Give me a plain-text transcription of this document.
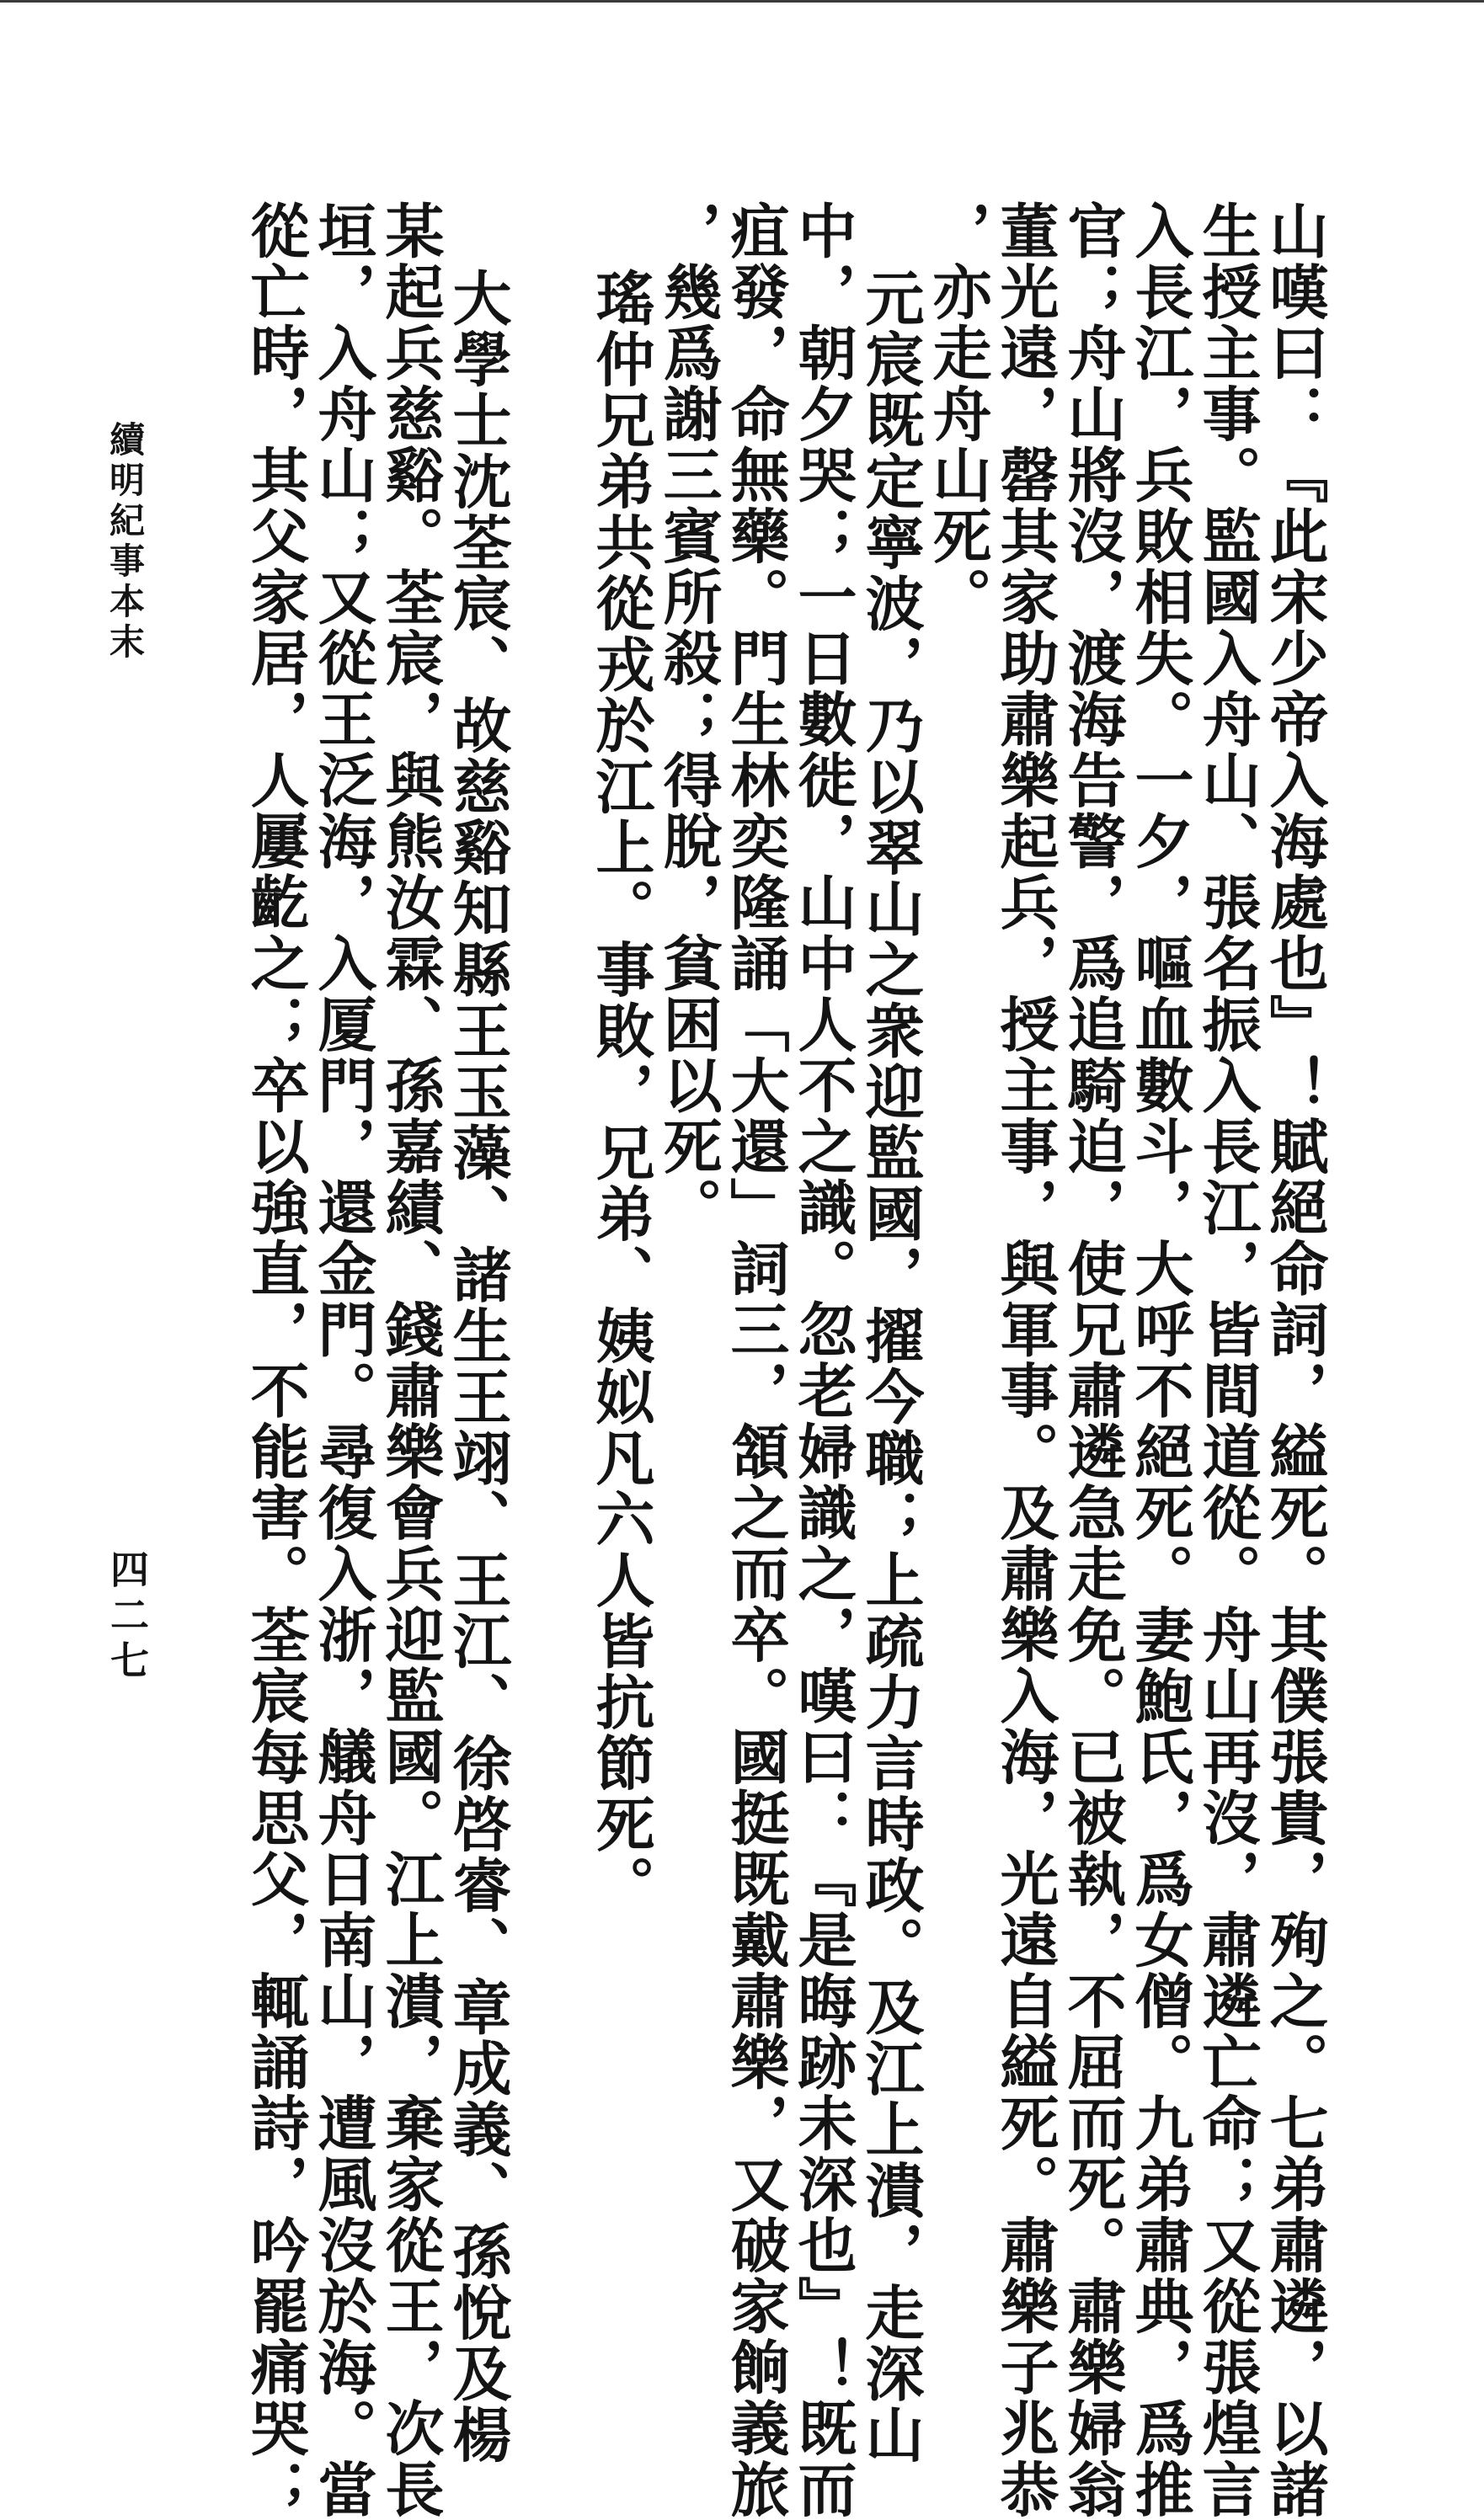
續明紀事本末
四二七	山嘆曰：『此宋少帝入海處也』！賦絕命詞，縊死。其僕張貴，殉之。七弟肅遴，以諸
生授主事。監國入舟山、張名振入長江，皆間道從。舟山再沒，肅遴亡命；又從張煌言
入長江，兵敗相失。一夕，嘔血數斗，大呼不絕死。妻鮑氏，爲女僧。九弟肅典，爲推
官；舟山將沒，渡海告警，爲追騎迫，使兄肅遴急走免。已被執，不屈而死。肅樂婦翁
董光遠，罄其家助肅樂起兵，授主事，與軍事。及肅樂入海，光遠自縊死。肅樂子兆恭
，亦走舟山死。
元宸既定寧波，乃以翠山之衆迎監國，擢今職；上疏力言時政。及江上潰，走深山
中，朝夕哭；一日數徙，山中人不之識。忽老婦識之，嘆曰：『是晦跡未深也』！既而
疽發，命無藥。門生林奕隆誦「大還」詞三，頷之而卒。國挺既戴肅樂，又破家餉義旅
，幾爲謝三賓所殺；得脫，貧困以死。
瑤仲兄弟共從戎於江上。事敗，兄弟、姨姒凡六人皆抗節死。
大學士沈荃宸、故慈谿知縣王玉藻、諸生王翊、王江、徐啓睿、章成義、孫悅及楊
某起兵慈谿。荃宸，與熊汝霖、孫嘉績、錢肅樂會兵迎監國。江上潰，棄家從王，次長
垣，入舟山；又從王泛海，入厦門，還金門。尋復入浙，艤舟日南山，遭風沒於海。當
從亡時，其父家居，人屢齕之；卒以強直，不能害。荃宸每思父，輒誦詩，吟罷痛哭；
